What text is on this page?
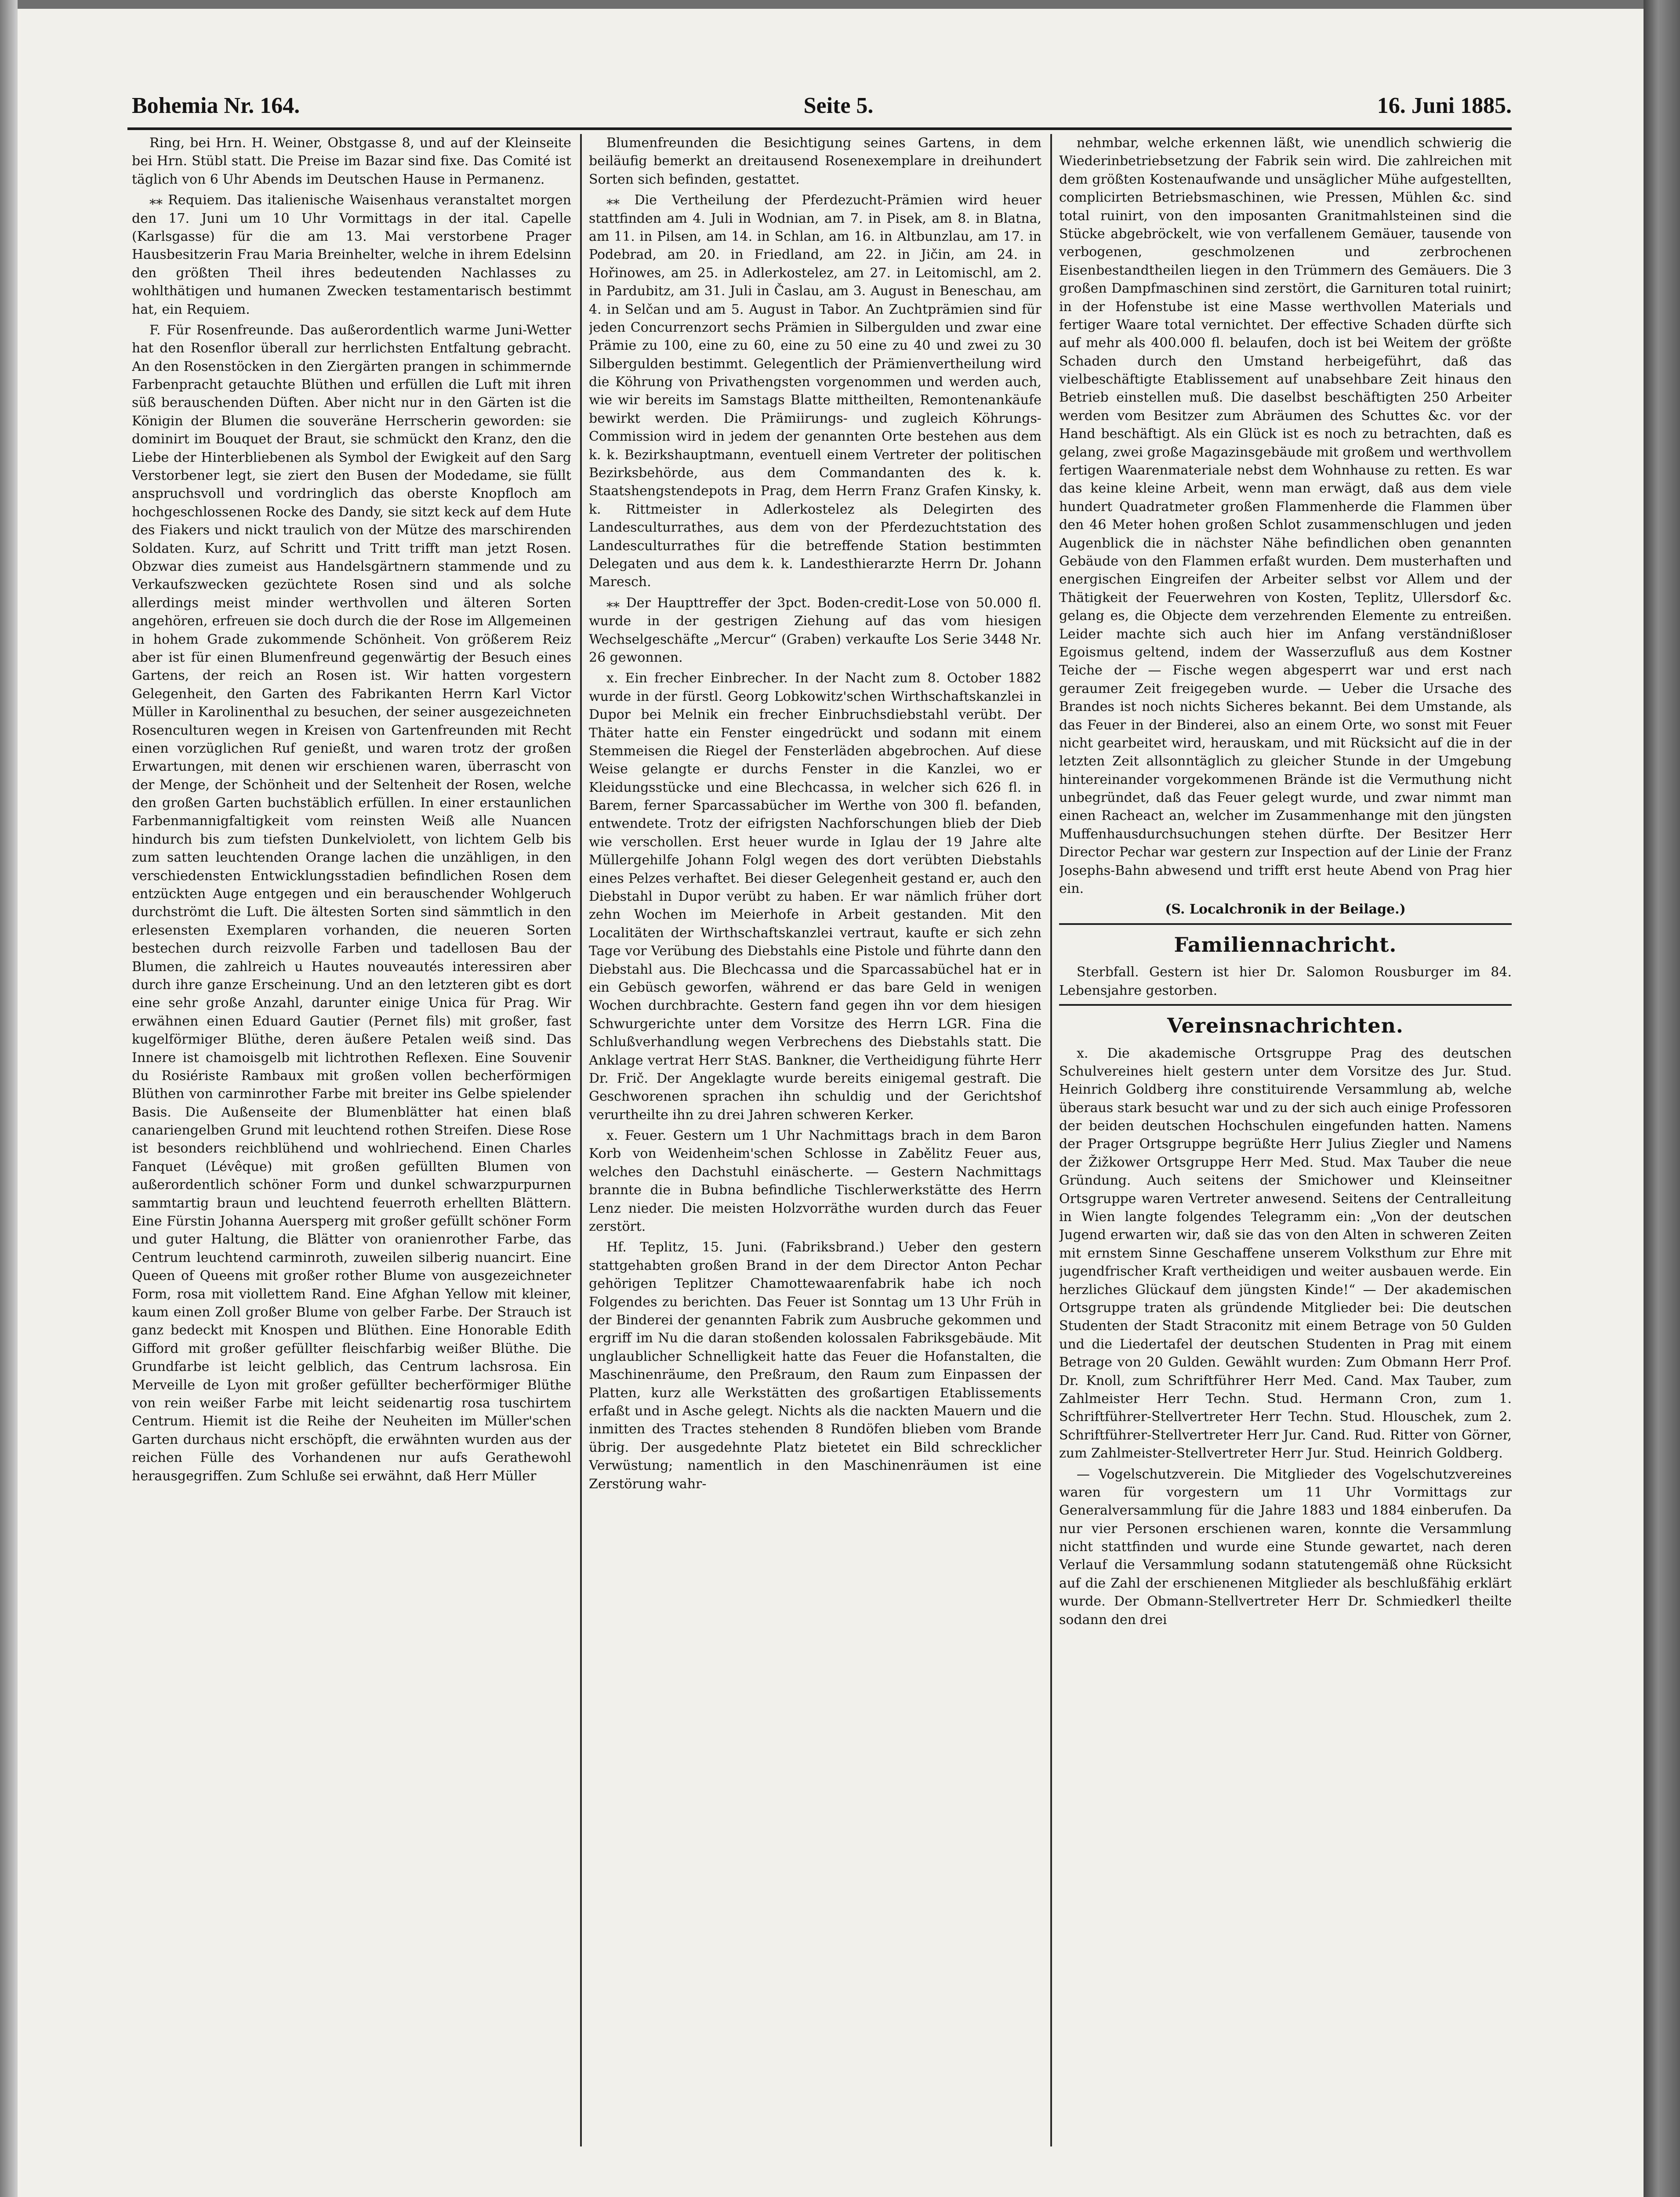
Bohemia Nr. 164.	Seite 5.	16. Juni 1885.

Ring, bei Hrn. H. Weiner, Obstgasse 8, und auf der Kleinseite bei Hrn. Stübl statt. Die Preise im Bazar sind fixe. Das Comité ist täglich von 6 Uhr Abends im Deutschen Hause in Permanenz.

⁎⁎ Requiem. Das italienische Waisenhaus veranstaltet morgen den 17. Juni um 10 Uhr Vormittags in der ital. Capelle (Karlsgasse) für die am 13. Mai verstorbene Prager Hausbesitzerin Frau Maria Breinhelter, welche in ihrem Edelsinn den größten Theil ihres bedeutenden Nachlasses zu wohlthätigen und humanen Zwecken testamentarisch bestimmt hat, ein Requiem.

F. Für Rosenfreunde. Das außerordentlich warme Juni-Wetter hat den Rosenflor überall zur herrlichsten Entfaltung gebracht. An den Rosenstöcken in den Ziergärten prangen in schimmernde Farbenpracht getauchte Blüthen und erfüllen die Luft mit ihren süß berauschenden Düften. Aber nicht nur in den Gärten ist die Königin der Blumen die souveräne Herrscherin geworden: sie dominirt im Bouquet der Braut, sie schmückt den Kranz, den die Liebe der Hinterbliebenen als Symbol der Ewigkeit auf den Sarg Verstorbener legt, sie ziert den Busen der Modedame, sie füllt anspruchsvoll und vordringlich das oberste Knopfloch am hochgeschlossenen Rocke des Dandy, sie sitzt keck auf dem Hute des Fiakers und nickt traulich von der Mütze des marschirenden Soldaten. Kurz, auf Schritt und Tritt trifft man jetzt Rosen. Obzwar dies zumeist aus Handelsgärtnern stammende und zu Verkaufszwecken gezüchtete Rosen sind und als solche allerdings meist minder werthvollen und älteren Sorten angehören, erfreuen sie doch durch die der Rose im Allgemeinen in hohem Grade zukommende Schönheit. Von größerem Reiz aber ist für einen Blumenfreund gegenwärtig der Besuch eines Gartens, der reich an Rosen ist. Wir hatten vorgestern Gelegenheit, den Garten des Fabrikanten Herrn Karl Victor Müller in Karolinenthal zu besuchen, der seiner ausgezeichneten Rosenculturen wegen in Kreisen von Gartenfreunden mit Recht einen vorzüglichen Ruf genießt, und waren trotz der großen Erwartungen, mit denen wir erschienen waren, überrascht von der Menge, der Schönheit und der Seltenheit der Rosen, welche den großen Garten buchstäblich erfüllen. In einer erstaunlichen Farbenmannigfaltigkeit vom reinsten Weiß alle Nuancen hindurch bis zum tiefsten Dunkelviolett, von lichtem Gelb bis zum satten leuchtenden Orange lachen die unzähligen, in den verschiedensten Entwicklungsstadien befindlichen Rosen dem entzückten Auge entgegen und ein berauschender Wohlgeruch durchströmt die Luft. Die ältesten Sorten sind sämmtlich in den erlesensten Exemplaren vorhanden, die neueren Sorten bestechen durch reizvolle Farben und tadellosen Bau der Blumen, die zahlreich u Hautes nouveautés interessiren aber durch ihre ganze Erscheinung. Und an den letzteren gibt es dort eine sehr große Anzahl, darunter einige Unica für Prag. Wir erwähnen einen Eduard Gautier (Pernet fils) mit großer, fast kugelförmiger Blüthe, deren äußere Petalen weiß sind. Das Innere ist chamoisgelb mit lichtrothen Reflexen. Eine Souvenir du Rosiériste Rambaux mit großen vollen becherförmigen Blüthen von carminrother Farbe mit breiter ins Gelbe spielender Basis. Die Außenseite der Blumenblätter hat einen blaß canariengelben Grund mit leuchtend rothen Streifen. Diese Rose ist besonders reichblühend und wohlriechend. Einen Charles Fanquet (Lévêque) mit großen gefüllten Blumen von außerordentlich schöner Form und dunkel schwarzpurpurnen sammtartig braun und leuchtend feuerroth erhellten Blättern. Eine Fürstin Johanna Auersperg mit großer gefüllt schöner Form und guter Haltung, die Blätter von oranienrother Farbe, das Centrum leuchtend carminroth, zuweilen silberig nuancirt. Eine Queen of Queens mit großer rother Blume von ausgezeichneter Form, rosa mit viollettem Rand. Eine Afghan Yellow mit kleiner, kaum einen Zoll großer Blume von gelber Farbe. Der Strauch ist ganz bedeckt mit Knospen und Blüthen. Eine Honorable Edith Gifford mit großer gefüllter fleischfarbig weißer Blüthe. Die Grundfarbe ist leicht gelblich, das Centrum lachsrosa. Ein Merveille de Lyon mit großer gefüllter becherförmiger Blüthe von rein weißer Farbe mit leicht seidenartig rosa tuschirtem Centrum. Hiemit ist die Reihe der Neuheiten im Müller'schen Garten durchaus nicht erschöpft, die erwähnten wurden aus der reichen Fülle des Vorhandenen nur aufs Gerathewohl herausgegriffen. Zum Schluße sei erwähnt, daß Herr Müller

Blumenfreunden die Besichtigung seines Gartens, in dem beiläufig bemerkt an dreitausend Rosenexemplare in dreihundert Sorten sich befinden, gestattet.

⁎⁎ Die Vertheilung der Pferdezucht-Prämien wird heuer stattfinden am 4. Juli in Wodnian, am 7. in Pisek, am 8. in Blatna, am 11. in Pilsen, am 14. in Schlan, am 16. in Altbunzlau, am 17. in Podebrad, am 20. in Friedland, am 22. in Jičin, am 24. in Hořinowes, am 25. in Adlerkostelez, am 27. in Leitomischl, am 2. in Pardubitz, am 31. Juli in Časlau, am 3. August in Beneschau, am 4. in Selčan und am 5. August in Tabor. An Zuchtprämien sind für jeden Concurrenzort sechs Prämien in Silbergulden und zwar eine Prämie zu 100, eine zu 60, eine zu 50 eine zu 40 und zwei zu 30 Silbergulden bestimmt. Gelegentlich der Prämienvertheilung wird die Köhrung von Privathengsten vorgenommen und werden auch, wie wir bereits im Samstags Blatte mittheilten, Remontenankäufe bewirkt werden. Die Prämiirungs- und zugleich Köhrungs-Commission wird in jedem der genannten Orte bestehen aus dem k. k. Bezirkshauptmann, eventuell einem Vertreter der politischen Bezirksbehörde, aus dem Commandanten des k. k. Staatshengstendepots in Prag, dem Herrn Franz Grafen Kinsky, k. k. Rittmeister in Adlerkostelez als Delegirten des Landesculturrathes, aus dem von der Pferdezuchtstation des Landesculturrathes für die betreffende Station bestimmten Delegaten und aus dem k. k. Landesthierarzte Herrn Dr. Johann Maresch.

⁎⁎ Der Haupttreffer der 3pct. Boden-credit-Lose von 50.000 fl. wurde in der gestrigen Ziehung auf das vom hiesigen Wechselgeschäfte „Mercur“ (Graben) verkaufte Los Serie 3448 Nr. 26 gewonnen.

x. Ein frecher Einbrecher. In der Nacht zum 8. October 1882 wurde in der fürstl. Georg Lobkowitz'schen Wirthschaftskanzlei in Dupor bei Melnik ein frecher Einbruchsdiebstahl verübt. Der Thäter hatte ein Fenster eingedrückt und sodann mit einem Stemmeisen die Riegel der Fensterläden abgebrochen. Auf diese Weise gelangte er durchs Fenster in die Kanzlei, wo er Kleidungsstücke und eine Blechcassa, in welcher sich 626 fl. in Barem, ferner Sparcassabücher im Werthe von 300 fl. befanden, entwendete. Trotz der eifrigsten Nachforschungen blieb der Dieb wie verschollen. Erst heuer wurde in Iglau der 19 Jahre alte Müllergehilfe Johann Folgl wegen des dort verübten Diebstahls eines Pelzes verhaftet. Bei dieser Gelegenheit gestand er, auch den Diebstahl in Dupor verübt zu haben. Er war nämlich früher dort zehn Wochen im Meierhofe in Arbeit gestanden. Mit den Localitäten der Wirthschaftskanzlei vertraut, kaufte er sich zehn Tage vor Verübung des Diebstahls eine Pistole und führte dann den Diebstahl aus. Die Blechcassa und die Sparcassabüchel hat er in ein Gebüsch geworfen, während er das bare Geld in wenigen Wochen durchbrachte. Gestern fand gegen ihn vor dem hiesigen Schwurgerichte unter dem Vorsitze des Herrn LGR. Fina die Schlußverhandlung wegen Verbrechens des Diebstahls statt. Die Anklage vertrat Herr StAS. Bankner, die Vertheidigung führte Herr Dr. Frič. Der Angeklagte wurde bereits einigemal gestraft. Die Geschworenen sprachen ihn schuldig und der Gerichtshof verurtheilte ihn zu drei Jahren schweren Kerker.

x. Feuer. Gestern um 1 Uhr Nachmittags brach in dem Baron Korb von Weidenheim'schen Schlosse in Zabělitz Feuer aus, welches den Dachstuhl einäscherte. — Gestern Nachmittags brannte die in Bubna befindliche Tischlerwerkstätte des Herrn Lenz nieder. Die meisten Holzvorräthe wurden durch das Feuer zerstört.

Hf. Teplitz, 15. Juni. (Fabriksbrand.) Ueber den gestern stattgehabten großen Brand in der dem Director Anton Pechar gehörigen Teplitzer Chamottewaarenfabrik habe ich noch Folgendes zu berichten. Das Feuer ist Sonntag um 13 Uhr Früh in der Binderei der genannten Fabrik zum Ausbruche gekommen und ergriff im Nu die daran stoßenden kolossalen Fabriksgebäude. Mit unglaublicher Schnelligkeit hatte das Feuer die Hofanstalten, die Maschinenräume, den Preßraum, den Raum zum Einpassen der Platten, kurz alle Werkstätten des großartigen Etablissements erfaßt und in Asche gelegt. Nichts als die nackten Mauern und die inmitten des Tractes stehenden 8 Rundöfen blieben vom Brande übrig. Der ausgedehnte Platz bietetet ein Bild schrecklicher Verwüstung; namentlich in den Maschinenräumen ist eine Zerstörung wahr-

nehmbar, welche erkennen läßt, wie unendlich schwierig die Wiederinbetriebsetzung der Fabrik sein wird. Die zahlreichen mit dem größten Kostenaufwande und unsäglicher Mühe aufgestellten, complicirten Betriebsmaschinen, wie Pressen, Mühlen &c. sind total ruinirt, von den imposanten Granitmahlsteinen sind die Stücke abgebröckelt, wie von verfallenem Gemäuer, tausende von verbogenen, geschmolzenen und zerbrochenen Eisenbestandtheilen liegen in den Trümmern des Gemäuers. Die 3 großen Dampfmaschinen sind zerstört, die Garnituren total ruinirt; in der Hofenstube ist eine Masse werthvollen Materials und fertiger Waare total vernichtet. Der effective Schaden dürfte sich auf mehr als 400.000 fl. belaufen, doch ist bei Weitem der größte Schaden durch den Umstand herbeigeführt, daß das vielbeschäftigte Etablissement auf unabsehbare Zeit hinaus den Betrieb einstellen muß. Die daselbst beschäftigten 250 Arbeiter werden vom Besitzer zum Abräumen des Schuttes &c. vor der Hand beschäftigt. Als ein Glück ist es noch zu betrachten, daß es gelang, zwei große Magazinsgebäude mit großem und werthvollem fertigen Waarenmateriale nebst dem Wohnhause zu retten. Es war das keine kleine Arbeit, wenn man erwägt, daß aus dem viele hundert Quadratmeter großen Flammenherde die Flammen über den 46 Meter hohen großen Schlot zusammenschlugen und jeden Augenblick die in nächster Nähe befindlichen oben genannten Gebäude von den Flammen erfaßt wurden. Dem musterhaften und energischen Eingreifen der Arbeiter selbst vor Allem und der Thätigkeit der Feuerwehren von Kosten, Teplitz, Ullersdorf &c. gelang es, die Objecte dem verzehrenden Elemente zu entreißen. Leider machte sich auch hier im Anfang verständnißloser Egoismus geltend, indem der Wasserzufluß aus dem Kostner Teiche der — Fische wegen abgesperrt war und erst nach geraumer Zeit freigegeben wurde. — Ueber die Ursache des Brandes ist noch nichts Sicheres bekannt. Bei dem Umstande, als das Feuer in der Binderei, also an einem Orte, wo sonst mit Feuer nicht gearbeitet wird, herauskam, und mit Rücksicht auf die in der letzten Zeit allsonntäglich zu gleicher Stunde in der Umgebung hintereinander vorgekommenen Brände ist die Vermuthung nicht unbegründet, daß das Feuer gelegt wurde, und zwar nimmt man einen Racheact an, welcher im Zusammenhange mit den jüngsten Muffenhausdurchsuchungen stehen dürfte. Der Besitzer Herr Director Pechar war gestern zur Inspection auf der Linie der Franz Josephs-Bahn abwesend und trifft erst heute Abend von Prag hier ein.

(S. Localchronik in der Beilage.)

Familiennachricht.

Sterbfall. Gestern ist hier Dr. Salomon Rousburger im 84. Lebensjahre gestorben.

Vereinsnachrichten.

x. Die akademische Ortsgruppe Prag des deutschen Schulvereines hielt gestern unter dem Vorsitze des Jur. Stud. Heinrich Goldberg ihre constituirende Versammlung ab, welche überaus stark besucht war und zu der sich auch einige Professoren der beiden deutschen Hochschulen eingefunden hatten. Namens der Prager Ortsgruppe begrüßte Herr Julius Ziegler und Namens der Žižkower Ortsgruppe Herr Med. Stud. Max Tauber die neue Gründung. Auch seitens der Smichower und Kleinseitner Ortsgruppe waren Vertreter anwesend. Seitens der Centralleitung in Wien langte folgendes Telegramm ein: „Von der deutschen Jugend erwarten wir, daß sie das von den Alten in schweren Zeiten mit ernstem Sinne Geschaffene unserem Volksthum zur Ehre mit jugendfrischer Kraft vertheidigen und weiter ausbauen werde. Ein herzliches Glückauf dem jüngsten Kinde!“ — Der akademischen Ortsgruppe traten als gründende Mitglieder bei: Die deutschen Studenten der Stadt Straconitz mit einem Betrage von 50 Gulden und die Liedertafel der deutschen Studenten in Prag mit einem Betrage von 20 Gulden. Gewählt wurden: Zum Obmann Herr Prof. Dr. Knoll, zum Schriftführer Herr Med. Cand. Max Tauber, zum Zahlmeister Herr Techn. Stud. Hermann Cron, zum 1. Schriftführer-Stellvertreter Herr Techn. Stud. Hlouschek, zum 2. Schriftführer-Stellvertreter Herr Jur. Cand. Rud. Ritter von Görner, zum Zahlmeister-Stellvertreter Herr Jur. Stud. Heinrich Goldberg.

— Vogelschutzverein. Die Mitglieder des Vogelschutzvereines waren für vorgestern um 11 Uhr Vormittags zur Generalversammlung für die Jahre 1883 und 1884 einberufen. Da nur vier Personen erschienen waren, konnte die Versammlung nicht stattfinden und wurde eine Stunde gewartet, nach deren Verlauf die Versammlung sodann statutengemäß ohne Rücksicht auf die Zahl der erschienenen Mitglieder als beschlußfähig erklärt wurde. Der Obmann-Stellvertreter Herr Dr. Schmiedkerl theilte sodann den drei
